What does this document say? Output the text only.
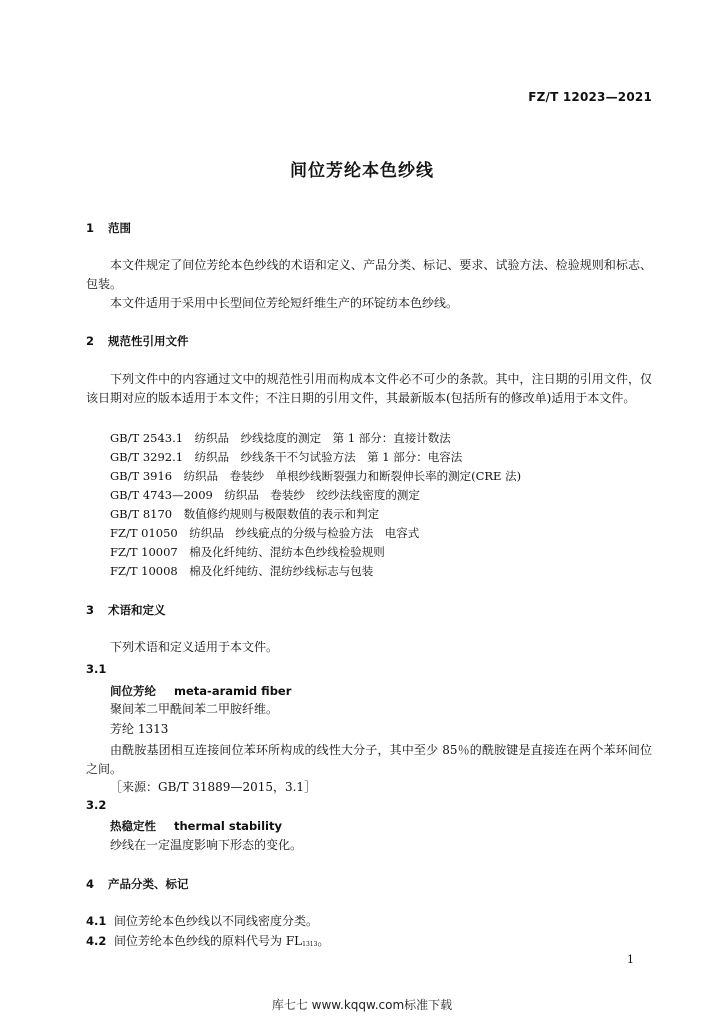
FZ/T 12023—2021
间位芳纶本色纱线
1 范围

本文件规定了间位芳纶本色纱线的术语和定义、产品分类、标记、要求、试验方法、检验规则和标志、包装。

本文件适用于采用中长型间位芳纶短纤维生产的环锭纺本色纱线。

2 规范性引用文件

下列文件中的内容通过文中的规范性引用而构成本文件必不可少的条款。其中，注日期的引用文件，仅该日期对应的版本适用于本文件；不注日期的引用文件，其最新版本(包括所有的修改单)适用于本文件。

GB/T 2543.1　纺织品　纱线捻度的测定　第 1 部分：直接计数法
GB/T 3292.1　纺织品　纱线条干不匀试验方法　第 1 部分：电容法
GB/T 3916　纺织品　卷装纱　单根纱线断裂强力和断裂伸长率的测定(CRE 法)
GB/T 4743—2009　纺织品　卷装纱　绞纱法线密度的测定
GB/T 8170　数值修约规则与极限数值的表示和判定
FZ/T 01050　纺织品　纱线疵点的分级与检验方法　电容式
FZ/T 10007　棉及化纤纯纺、混纺本色纱线检验规则
FZ/T 10008　棉及化纤纯纺、混纺纱线标志与包装
3 术语和定义
下列术语和定义适用于本文件。
3.1
间位芳纶 meta-aramid fiber
聚间苯二甲酰间苯二甲胺纤维。
芳纶 1313

由酰胺基团相互连接间位苯环所构成的线性大分子，其中至少 85％的酰胺键是直接连在两个苯环间位之间。

［来源：GB/T 31889—2015，3.1］
3.2
热稳定性 thermal stability
纱线在一定温度影响下形态的变化。
4 产品分类、标记
4.1 间位芳纶本色纱线以不同线密度分类。
4.2 间位芳纶本色纱线的原料代号为 $FL_{1313}$。
1
库七七 www.kqqw.com标准下载
